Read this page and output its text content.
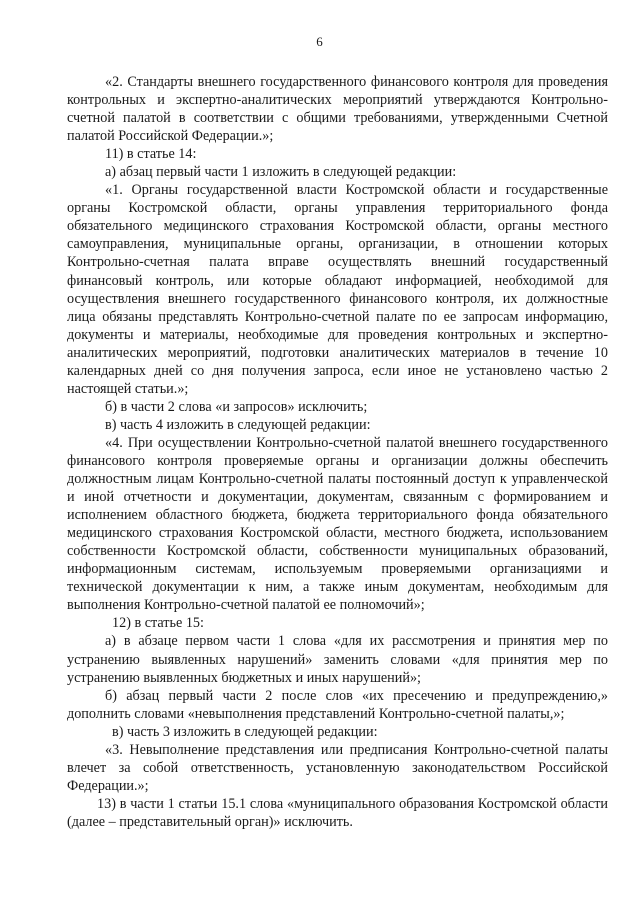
6

«2. Стандарты внешнего государственного финансового контроля для проведения контрольных и экспертно-аналитических мероприятий утверждаются Контрольно-счетной палатой в соответствии с общими требованиями, утвержденными Счетной палатой Российской Федерации.»;

11) в статье 14:

а) абзац первый части 1 изложить в следующей редакции:

«1. Органы государственной власти Костромской области и государственные органы Костромской области, органы управления территориального фонда обязательного медицинского страхования Костромской области, органы местного самоуправления, муниципальные органы, организации, в отношении которых Контрольно-счетная палата вправе осуществлять внешний государственный финансовый контроль, или которые обладают информацией, необходимой для осуществления внешнего государственного финансового контроля, их должностные лица обязаны представлять Контрольно-счетной палате по ее запросам информацию, документы и материалы, необходимые для проведения контрольных и экспертно-аналитических мероприятий, подготовки аналитических материалов в течение 10 календарных дней со дня получения запроса, если иное не установлено частью 2 настоящей статьи.»;

б) в части 2 слова «и запросов» исключить;

в) часть 4 изложить в следующей редакции:

«4. При осуществлении Контрольно-счетной палатой внешнего государственного финансового контроля проверяемые органы и организации должны обеспечить должностным лицам Контрольно-счетной палаты постоянный доступ к управленческой и иной отчетности и документации, документам, связанным с формированием и исполнением областного бюджета, бюджета территориального фонда обязательного медицинского страхования Костромской области, местного бюджета, использованием собственности Костромской области, собственности муниципальных образований, информационным системам, используемым проверяемыми организациями и технической документации к ним, а также иным документам, необходимым для выполнения Контрольно-счетной палатой ее полномочий»;

12) в статье 15:

а) в абзаце первом части 1 слова «для их рассмотрения и принятия мер по устранению выявленных нарушений» заменить словами «для принятия мер по устранению выявленных бюджетных и иных нарушений»;

б) абзац первый части 2 после слов «их пресечению и предупреждению,» дополнить словами «невыполнения представлений Контрольно-счетной палаты,»;

в) часть 3 изложить в следующей редакции:

«3. Невыполнение представления или предписания Контрольно-счетной палаты влечет за собой ответственность, установленную законодательством Российской Федерации.»;

13) в части 1 статьи 15.1 слова «муниципального образования Костромской области (далее – представительный орган)» исключить.
